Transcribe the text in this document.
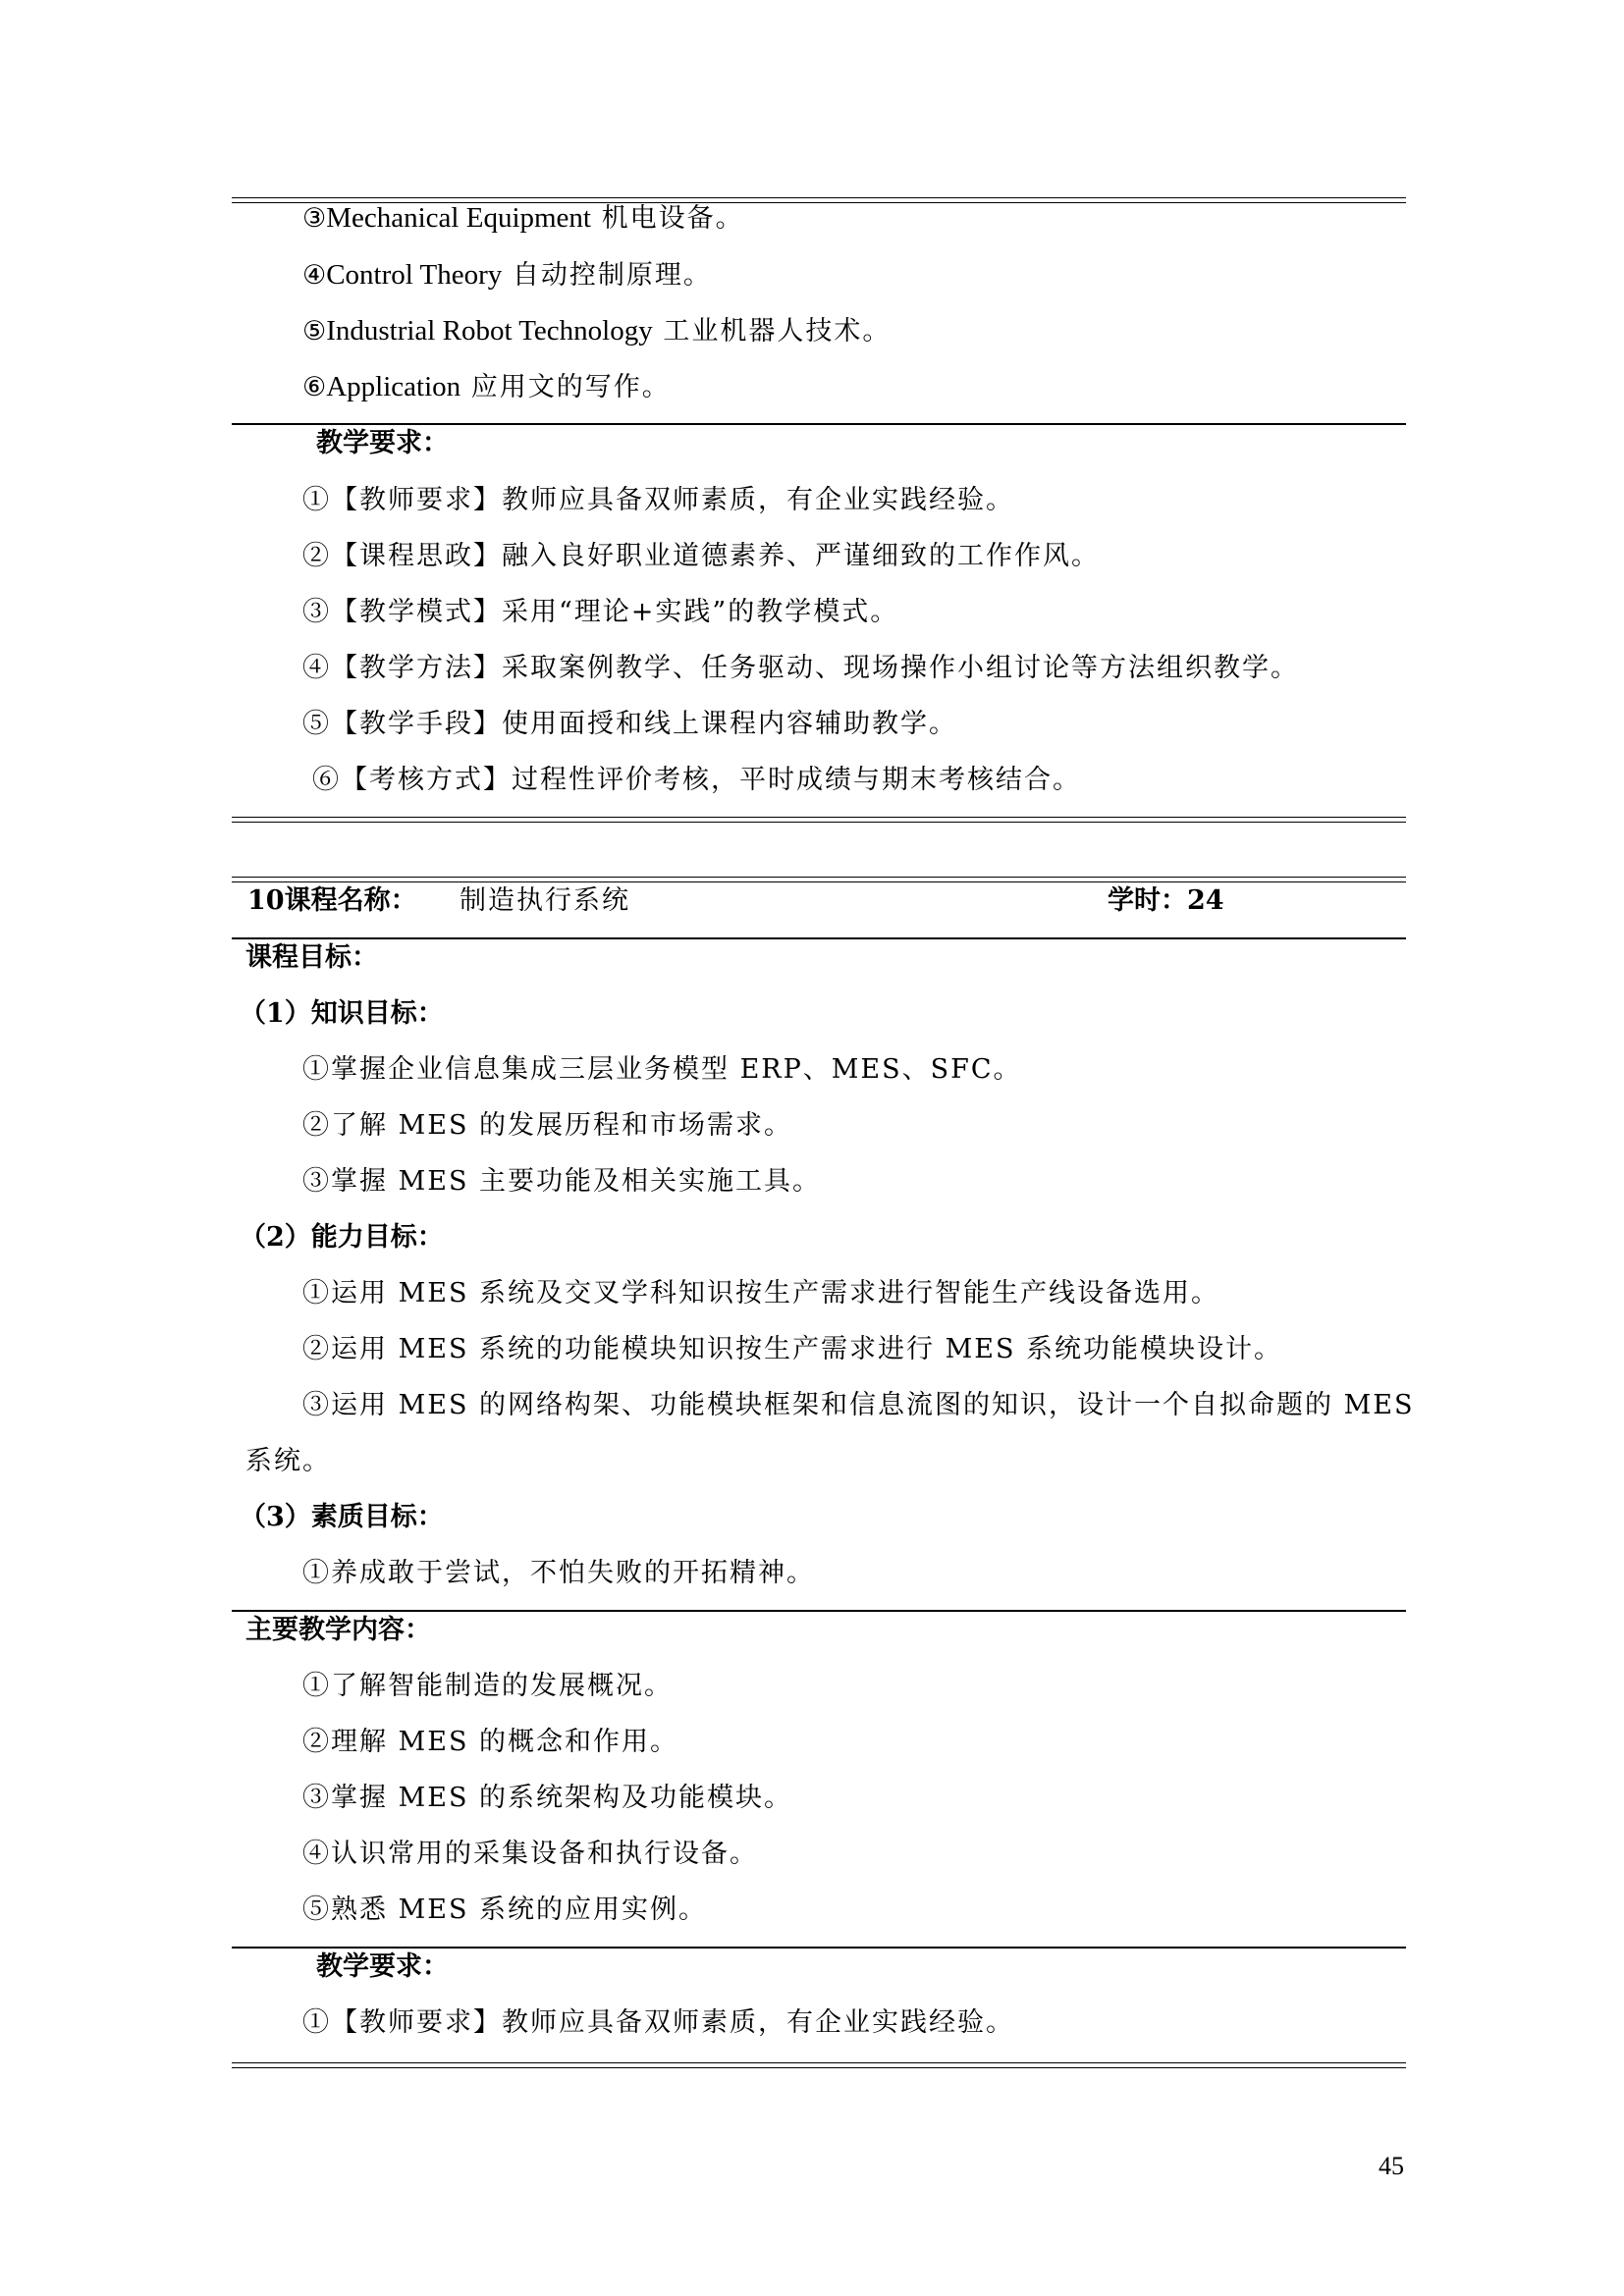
③Mechanical Equipment 机电设备。
④Control Theory 自动控制原理。
⑤Industrial Robot Technology 工业机器人技术。
⑥Application 应用文的写作。
教学要求：
①【教师要求】教师应具备双师素质，有企业实践经验。
②【课程思政】融入良好职业道德素养、严谨细致的工作作风。
③【教学模式】采用“理论+实践”的教学模式。
④【教学方法】采取案例教学、任务驱动、现场操作小组讨论等方法组织教学。
⑤【教学手段】使用面授和线上课程内容辅助教学。
⑥【考核方式】过程性评价考核，平时成绩与期末考核结合。
10课程名称： 制造执行系统	学时：24
课程目标：
（1）知识目标：
①掌握企业信息集成三层业务模型 ERP、MES、SFC。
②了解 MES 的发展历程和市场需求。
③掌握 MES 主要功能及相关实施工具。
（2）能力目标：
①运用 MES 系统及交叉学科知识按生产需求进行智能生产线设备选用。
②运用 MES 系统的功能模块知识按生产需求进行 MES 系统功能模块设计。
③运用 MES 的网络构架、功能模块框架和信息流图的知识，设计一个自拟命题的 MES
系统。
（3）素质目标：
①养成敢于尝试，不怕失败的开拓精神。
主要教学内容：
①了解智能制造的发展概况。
②理解 MES 的概念和作用。
③掌握 MES 的系统架构及功能模块。
④认识常用的采集设备和执行设备。
⑤熟悉 MES 系统的应用实例。
教学要求：
①【教师要求】教师应具备双师素质，有企业实践经验。
45
